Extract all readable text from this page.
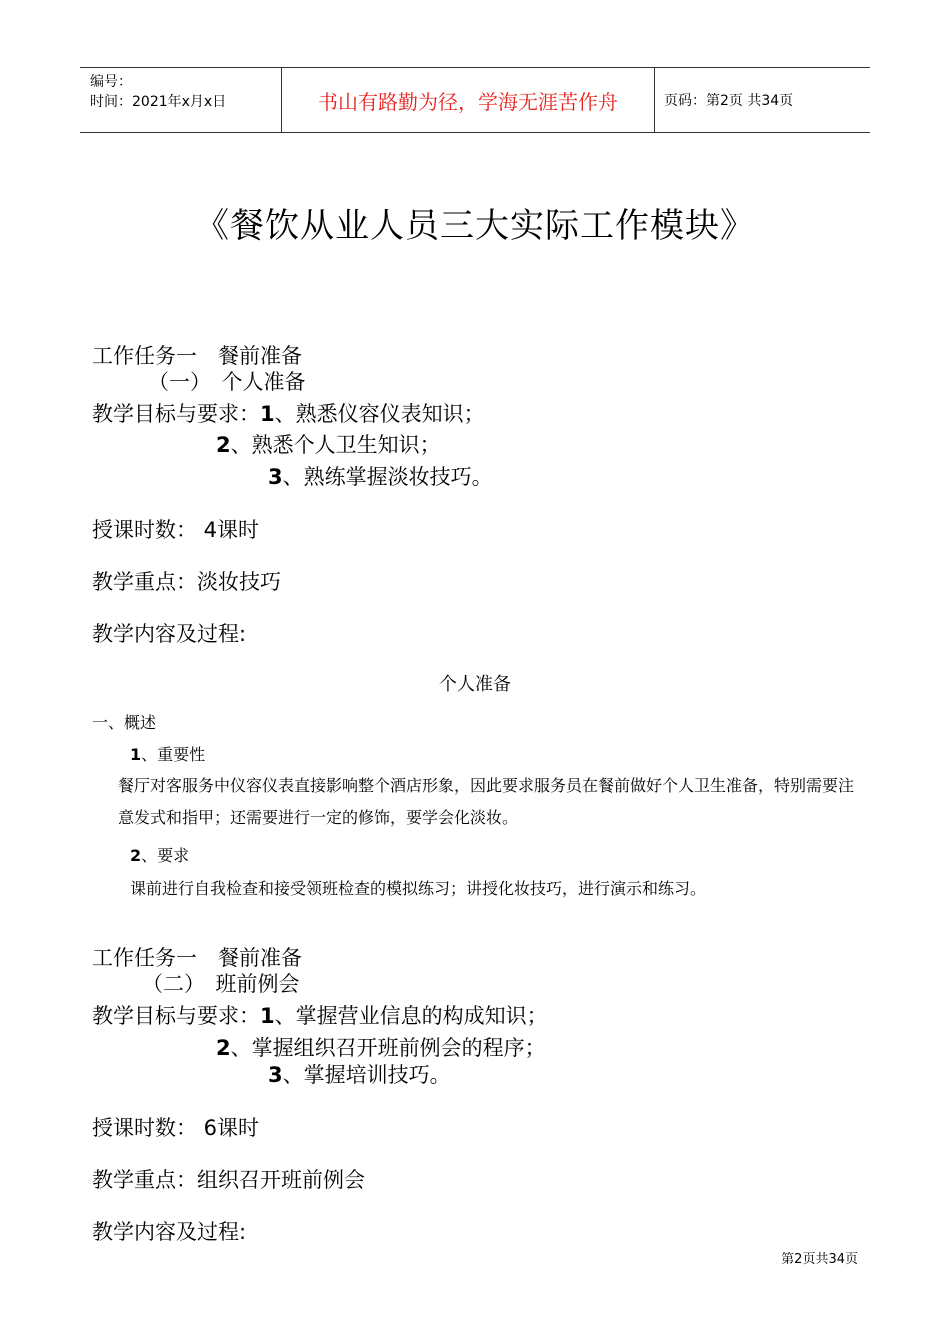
编号：
时间：2021年x月x日	书山有路勤为径，学海无涯苦作舟	页码：第2页 共34页
《餐饮从业人员三大实际工作模块》
工作任务一　餐前准备
（一）　个人准备
教学目标与要求：1、熟悉仪容仪表知识；
2、熟悉个人卫生知识；
3、熟练掌握淡妆技巧。
授课时数： 4课时
教学重点：淡妆技巧
教学内容及过程:
个人准备
一、概述
1、重要性
餐厅对客服务中仪容仪表直接影响整个酒店形象，因此要求服务员在餐前做好个人卫生准备，特别需要注意发式和指甲；还需要进行一定的修饰，要学会化淡妆。
2、要求
课前进行自我检查和接受领班检查的模拟练习；讲授化妆技巧，进行演示和练习。
工作任务一　餐前准备
（二）　班前例会
教学目标与要求：1、掌握营业信息的构成知识；
2、掌握组织召开班前例会的程序；
3、掌握培训技巧。
授课时数： 6课时
教学重点：组织召开班前例会
教学内容及过程:
第2页共34页
